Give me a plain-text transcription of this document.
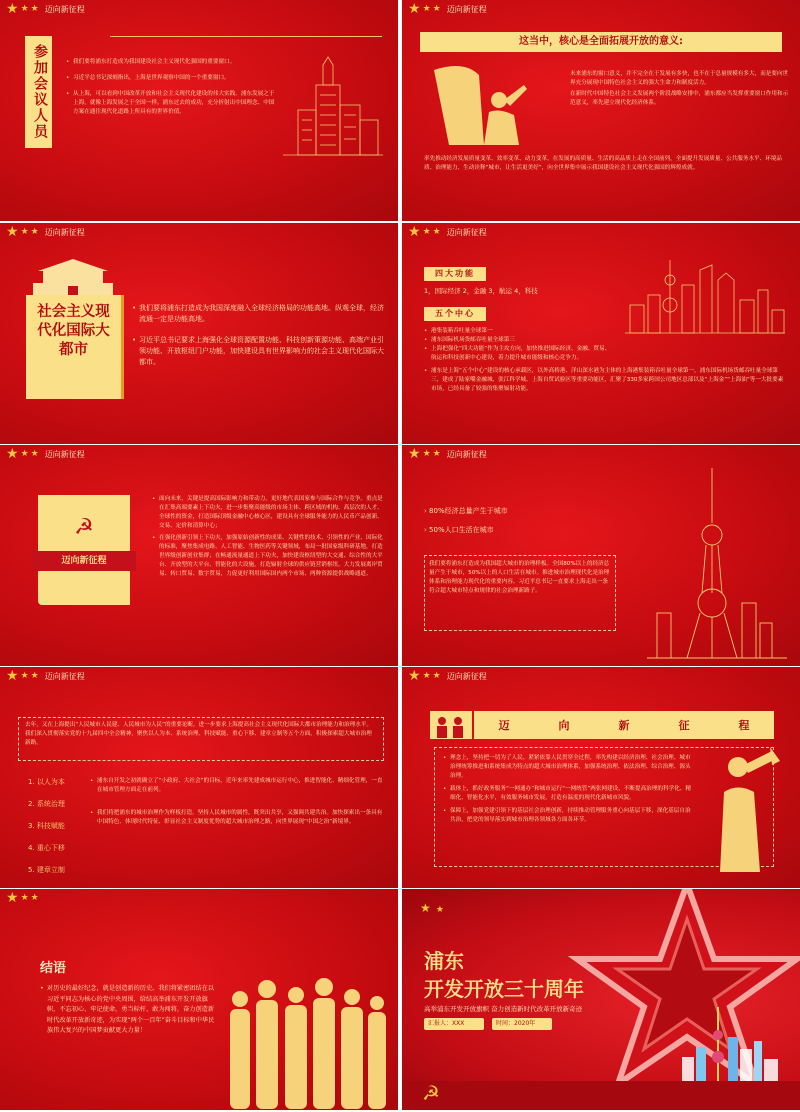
★ ★ ★ 迈向新征程
参加会议人员
•	我们要将浦东打造成为我国建设社会主义现代化强国的重要窗口。
• 习近平总书记深刻指出，上海是世界观察中国的一个重要窗口。
• 从上海，可以看到中国改革开放和社会主义现代化建设的伟大实践。浦东发展之于上海，就像上海发展之于全国一样。浦东过去的成功，充分折射出中国理念、中国方案在通往现代化道路上所具有的世界价值。
★ ★ ★ 迈向新征程
这当中，核心是全面拓展开放的意义:
未来浦东的窗口意义，并不完全在于发展有多快，也不在于总量规模有多大，而是要向世界充分展现中国特色社会主义的强大生命力和制度活力。
在新时代中国特色社会主义发展两个阶段战略安排中，浦东都应当发挥重要窗口作用和示范意义，率先建立现代化经济体系。
率先推动经济发展质量变革、效率变革、动力变革，在发展的高质量、生活的高品质上走在全国前列，全面提升发展质量、公共服务水平、环境品质、治理能力，生动诠释“城市，让生活更美好”，向全世界集中展示我国建设社会主义现代化强国的辉煌成就。
★ ★ ★ 迈向新征程
社会主义现代化国际大都市
• 我们要将浦东打造成为我国深度融入全球经济格局的功能高地。纵观全球，经济流通一定是功能高地。
• 习近平总书记要求上海强化全球资源配置功能、科技创新策源功能、高端产业引领功能、开放枢纽门户功能，加快建设具有世界影响力的社会主义现代化国际大都市。
★ ★ ★ 迈向新征程
四大功能
1，国际经济 2，金融 3，航运 4，科技
五个中心
• 港集装箱吞吐量全球第一
• 浦东国际机场货邮吞吐量全球第三
• 上海把强化“四大功能”作为主攻方向，加快推进国际经济、金融、贸易、航运和科技创新中心建设，着力提升城市能级和核心竞争力。
• 浦东是上海“五个中心”建设的核心承载区，以外高桥港、洋山深水港为主体的上海港集装箱吞吐量全球第一，浦东国际机场货邮吞吐量全球第三，建成了陆家嘴金融城、张江科学城、上海自贸试验区等重要功能区，汇聚了330多家跨国公司地区总部以及“上海金”“上海油”等一大批要素市场，已经具备了较强的集聚辐射功能。
★ ★ ★ 迈向新征程
☭
迈向新征程
• 面向未来，关键是提高国际影响力和带动力，更好地代表国家参与国际合作与竞争。重点是在汇集高端要素上下功夫，进一步集聚高能级的市场主体、跨区域的机构、高层次的人才、全球性的资金，打造国际顶级金融中心核心区，建设具有全球服务能力的人民币产品创新、交易、定价和清算中心；
• 在强化创新引领上下功夫，加强原始创新性的成果、关键性的技术、引领性的产业、国际化的标准，聚焦集成电路、人工智能、生物医药等关键领域，布局一批国家级科研基地，打造世界级创新创业集群；在畅通流量通道上下功夫，加快建设枢纽型的大交通、综合性的大平台、开放型的大平台、智能化的大设施，打造辐射全球的供应链营销枢纽。大力发展离岸贸易、转口贸易、数字贸易，力促更好利用国际国内两个市场、两种资源提供战略通道。
★ ★ ★ 迈向新征程
› 80%经济总量产生于城市
› 50%人口生活在城市
我们要将浦东打造成为我国超大城市的治理样板。全国80%以上的经济总量产生于城市，50%以上的人口生活在城市。推进城市治理现代化是治理体系和治理能力现代化的重要内容。习近平总书记一直要求上海走出一条符合超大城市特点和规律的社会治理新路子。
★ ★ ★ 迈向新征程
去年，又在上海提出“人民城市人民建、人民城市为人民”的重要论断，进一步要求上海提高社会主义现代化国际大都市治理能力和治理水平。我们深入贯彻落实党的十九届四中全会精神，聚焦以人为本、系统治理、科技赋能、重心下移、建章立制等五个方面，积极探索超大城市治理新路。
1. 以人为本
2. 系统治理
3. 科技赋能
4. 重心下移
5. 建章立制
• 浦东自开发之初就确立了“小政府、大社会”的目标，近年来率先建成城市运行中心，推进智能化、精细化管理，一直在城市管理方面走在前列。
• 我们将把浦东的城市治理作为样板打造，坚持人民城市的属性，既突出共享，又强调共建共治。加快探索出一条具有中国特色、体现时代特征、彰显社会主义制度优势的超大城市治理之路，向世界展现“中国之治”新境界。
★ ★ ★ 迈向新征程
迈	向	新	征	程
• 理念上，坚持把一切为了人民、紧紧依靠人民贯穿全过程，率先构建以经济治理、社会治理、城市治理统筹推进和系统集成为特点的超大城市治理体系，加强系统治理、依法治理、综合治理、源头治理。
• 载体上，抓好政务服务“一网通办”和城市运行“一网统管”两张网建设，不断提高治理的科学化、精细化、智能化水平，有效服务城市发展，打造有温度的现代化新城市风貌。
• 保障上，加强党建引领下的基层社会治理创新，持续推动管理服务重心向基层下移，深化基层自治共治，把党的领导落实到城市治理各领域各方面各环节。
★ ★ ★
结语
• 对历史的最好纪念，就是创造新的历史。我们将紧密团结在以习近平同志为核心的党中央周围，给结高举浦东开发开放旗帜，不忘初心、牢记使命，勇当标杆、敢为闯将，奋力创造新时代改革开放新奇迹，为实现“两个一百年”奋斗目标和中华民族伟大复兴的中国梦贡献更大力量！
★ ★
浦东
开发开放三十周年
高举浦东开发开放旗帜 奋力创造新时代改革开放新奇迹
汇报人：XXX	时间：2020年
☭
